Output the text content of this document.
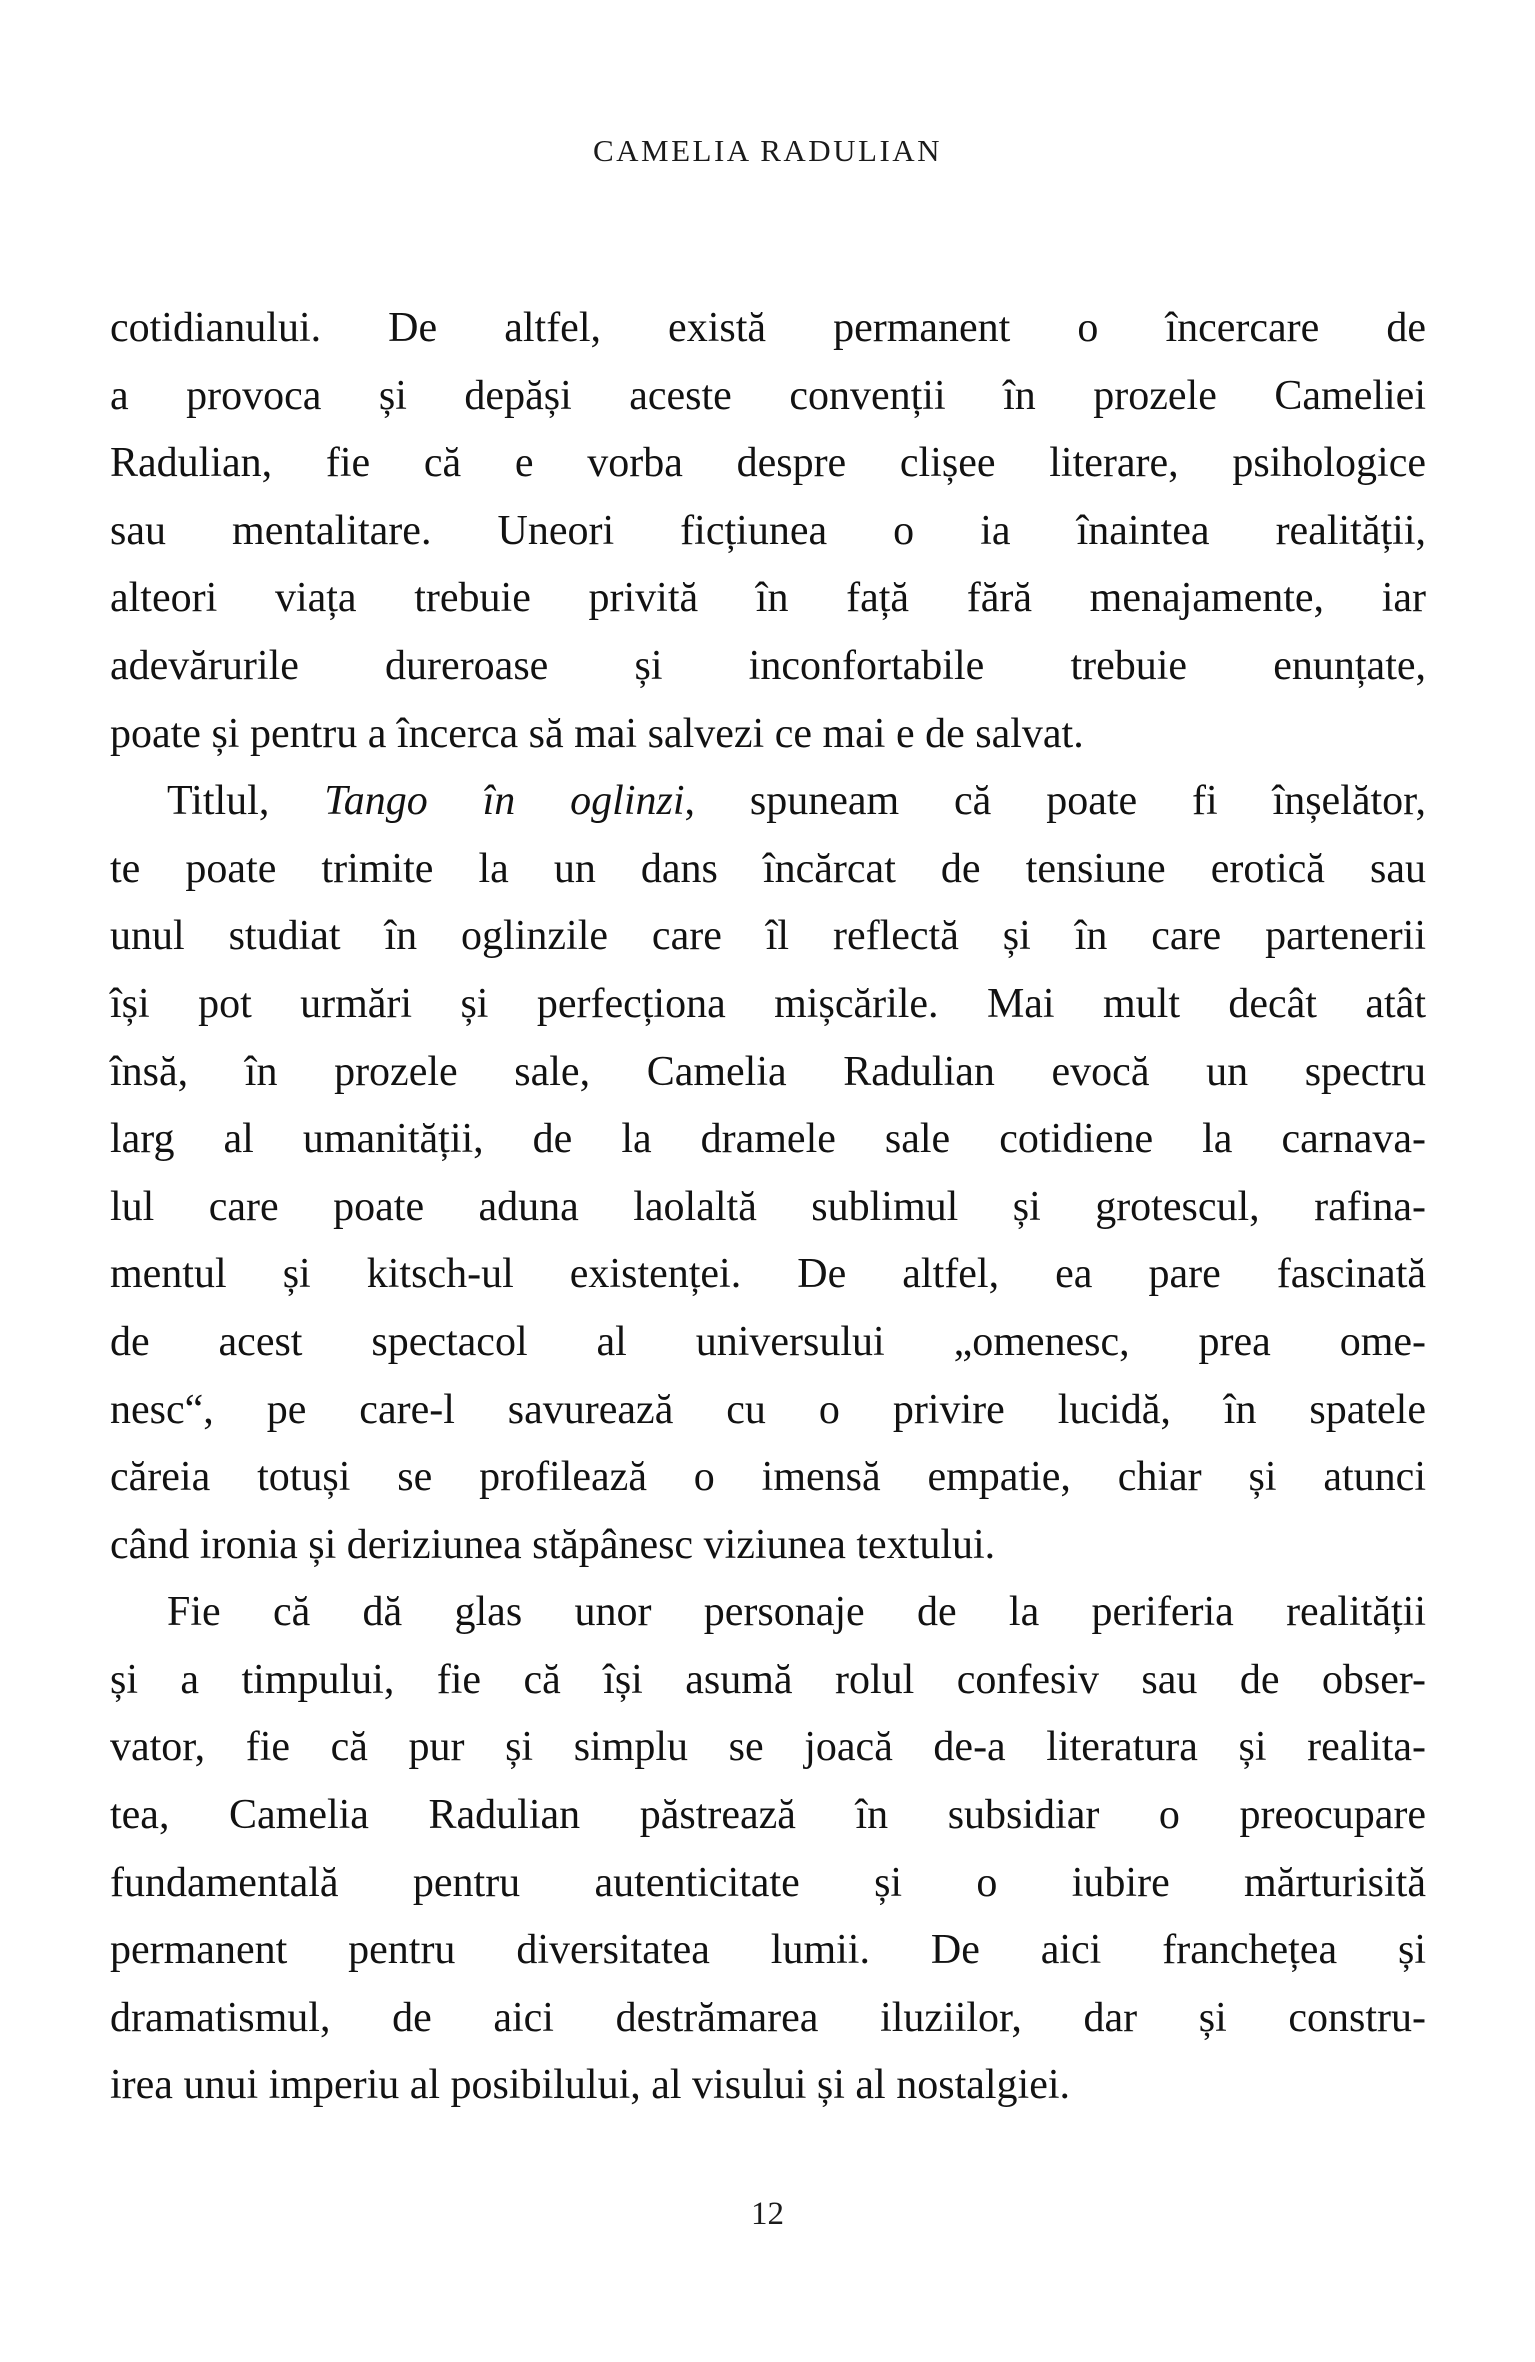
CAMELIA RADULIAN
cotidianului. De altfel, există permanent o încercare de
a provoca și depăși aceste convenții în prozele Cameliei
Radulian, fie că e vorba despre clișee literare, psihologice
sau mentalitare. Uneori ficțiunea o ia înaintea realității,
alteori viața trebuie privită în față fără menajamente, iar
adevărurile dureroase și inconfortabile trebuie enunțate,
poate și pentru a încerca să mai salvezi ce mai e de salvat.
Titlul, Tango în oglinzi, spuneam că poate fi înșelător,
te poate trimite la un dans încărcat de tensiune erotică sau
unul studiat în oglinzile care îl reflectă și în care partenerii
își pot urmări și perfecționa mișcările. Mai mult decât atât
însă, în prozele sale, Camelia Radulian evocă un spectru
larg al umanității, de la dramele sale cotidiene la carnava-
lul care poate aduna laolaltă sublimul și grotescul, rafina-
mentul și kitsch-ul existenței. De altfel, ea pare fascinată
de acest spectacol al universului „omenesc, prea ome-
nesc“, pe care-l savurează cu o privire lucidă, în spatele
căreia totuși se profilează o imensă empatie, chiar și atunci
când ironia și deriziunea stăpânesc viziunea textului.
Fie că dă glas unor personaje de la periferia realității
și a timpului, fie că își asumă rolul confesiv sau de obser-
vator, fie că pur și simplu se joacă de-a literatura și realita-
tea, Camelia Radulian păstrează în subsidiar o preocupare
fundamentală pentru autenticitate și o iubire mărturisită
permanent pentru diversitatea lumii. De aici franchețea și
dramatismul, de aici destrămarea iluziilor, dar și constru-
irea unui imperiu al posibilului, al visului și al nostalgiei.
12
